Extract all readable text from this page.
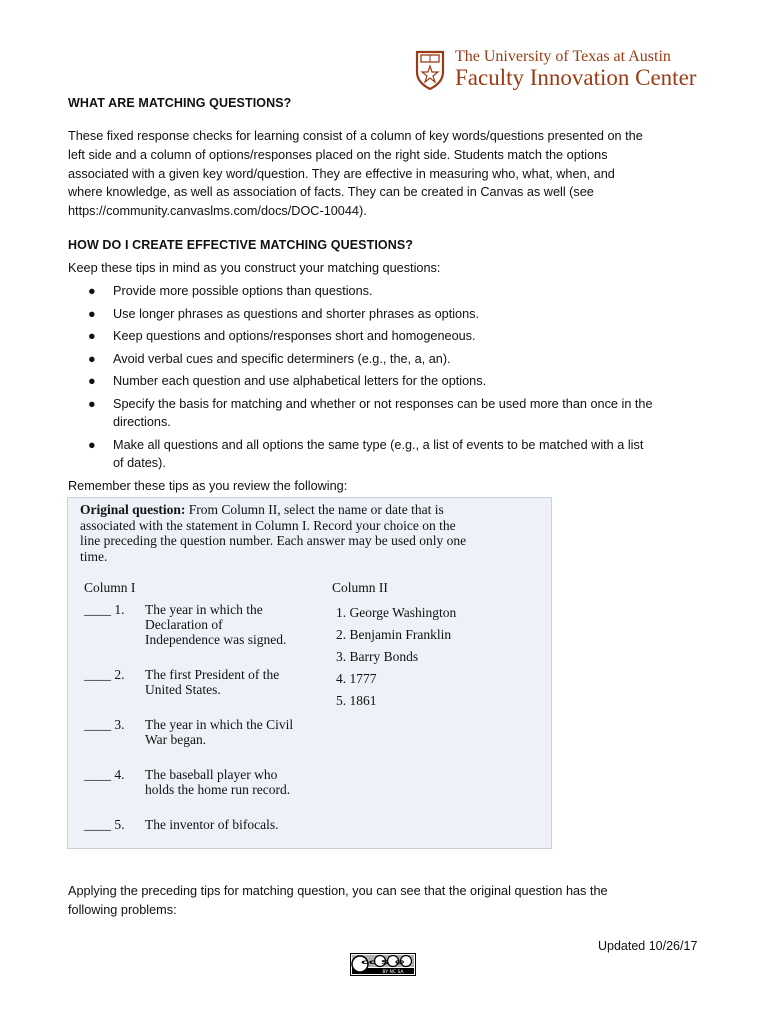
The University of Texas at Austin
Faculty Innovation Center
WHAT ARE MATCHING QUESTIONS?
These fixed response checks for learning consist of a column of key words/questions presented on the
left side and a column of options/responses placed on the right side. Students match the options
associated with a given key word/question. They are effective in measuring who, what, when, and
where knowledge, as well as association of facts. They can be created in Canvas as well (see
https://community.canvaslms.com/docs/DOC-10044).
HOW DO I CREATE EFFECTIVE MATCHING QUESTIONS?
Keep these tips in mind as you construct your matching questions:
● Provide more possible options than questions.
● Use longer phrases as questions and shorter phrases as options.
● Keep questions and options/responses short and homogeneous.
● Avoid verbal cues and specific determiners (e.g., the, a, an).
● Number each question and use alphabetical letters for the options.
● Specify the basis for matching and whether or not responses can be used more than once in the
directions.
● Make all questions and all options the same type (e.g., a list of events to be matched with a list
of dates).
Remember these tips as you review the following:
Original question: From Column II, select the name or date that is
associated with the statement in Column I. Record your choice on the
line preceding the question number. Each answer may be used only one
time.
Column I	Column II
____ 1. The year in which the
Declaration of
Independence was signed.
____ 2. The first President of the
United States.
____ 3. The year in which the Civil
War began.
____ 4. The baseball player who
holds the home run record.
____ 5. The inventor of bifocals.
1. George Washington
2. Benjamin Franklin
3. Barry Bonds
4. 1777
5. 1861
Applying the preceding tips for matching question, you can see that the original question has the
following problems:
Updated 10/26/17
cc $ ⊜
BY NC SA
